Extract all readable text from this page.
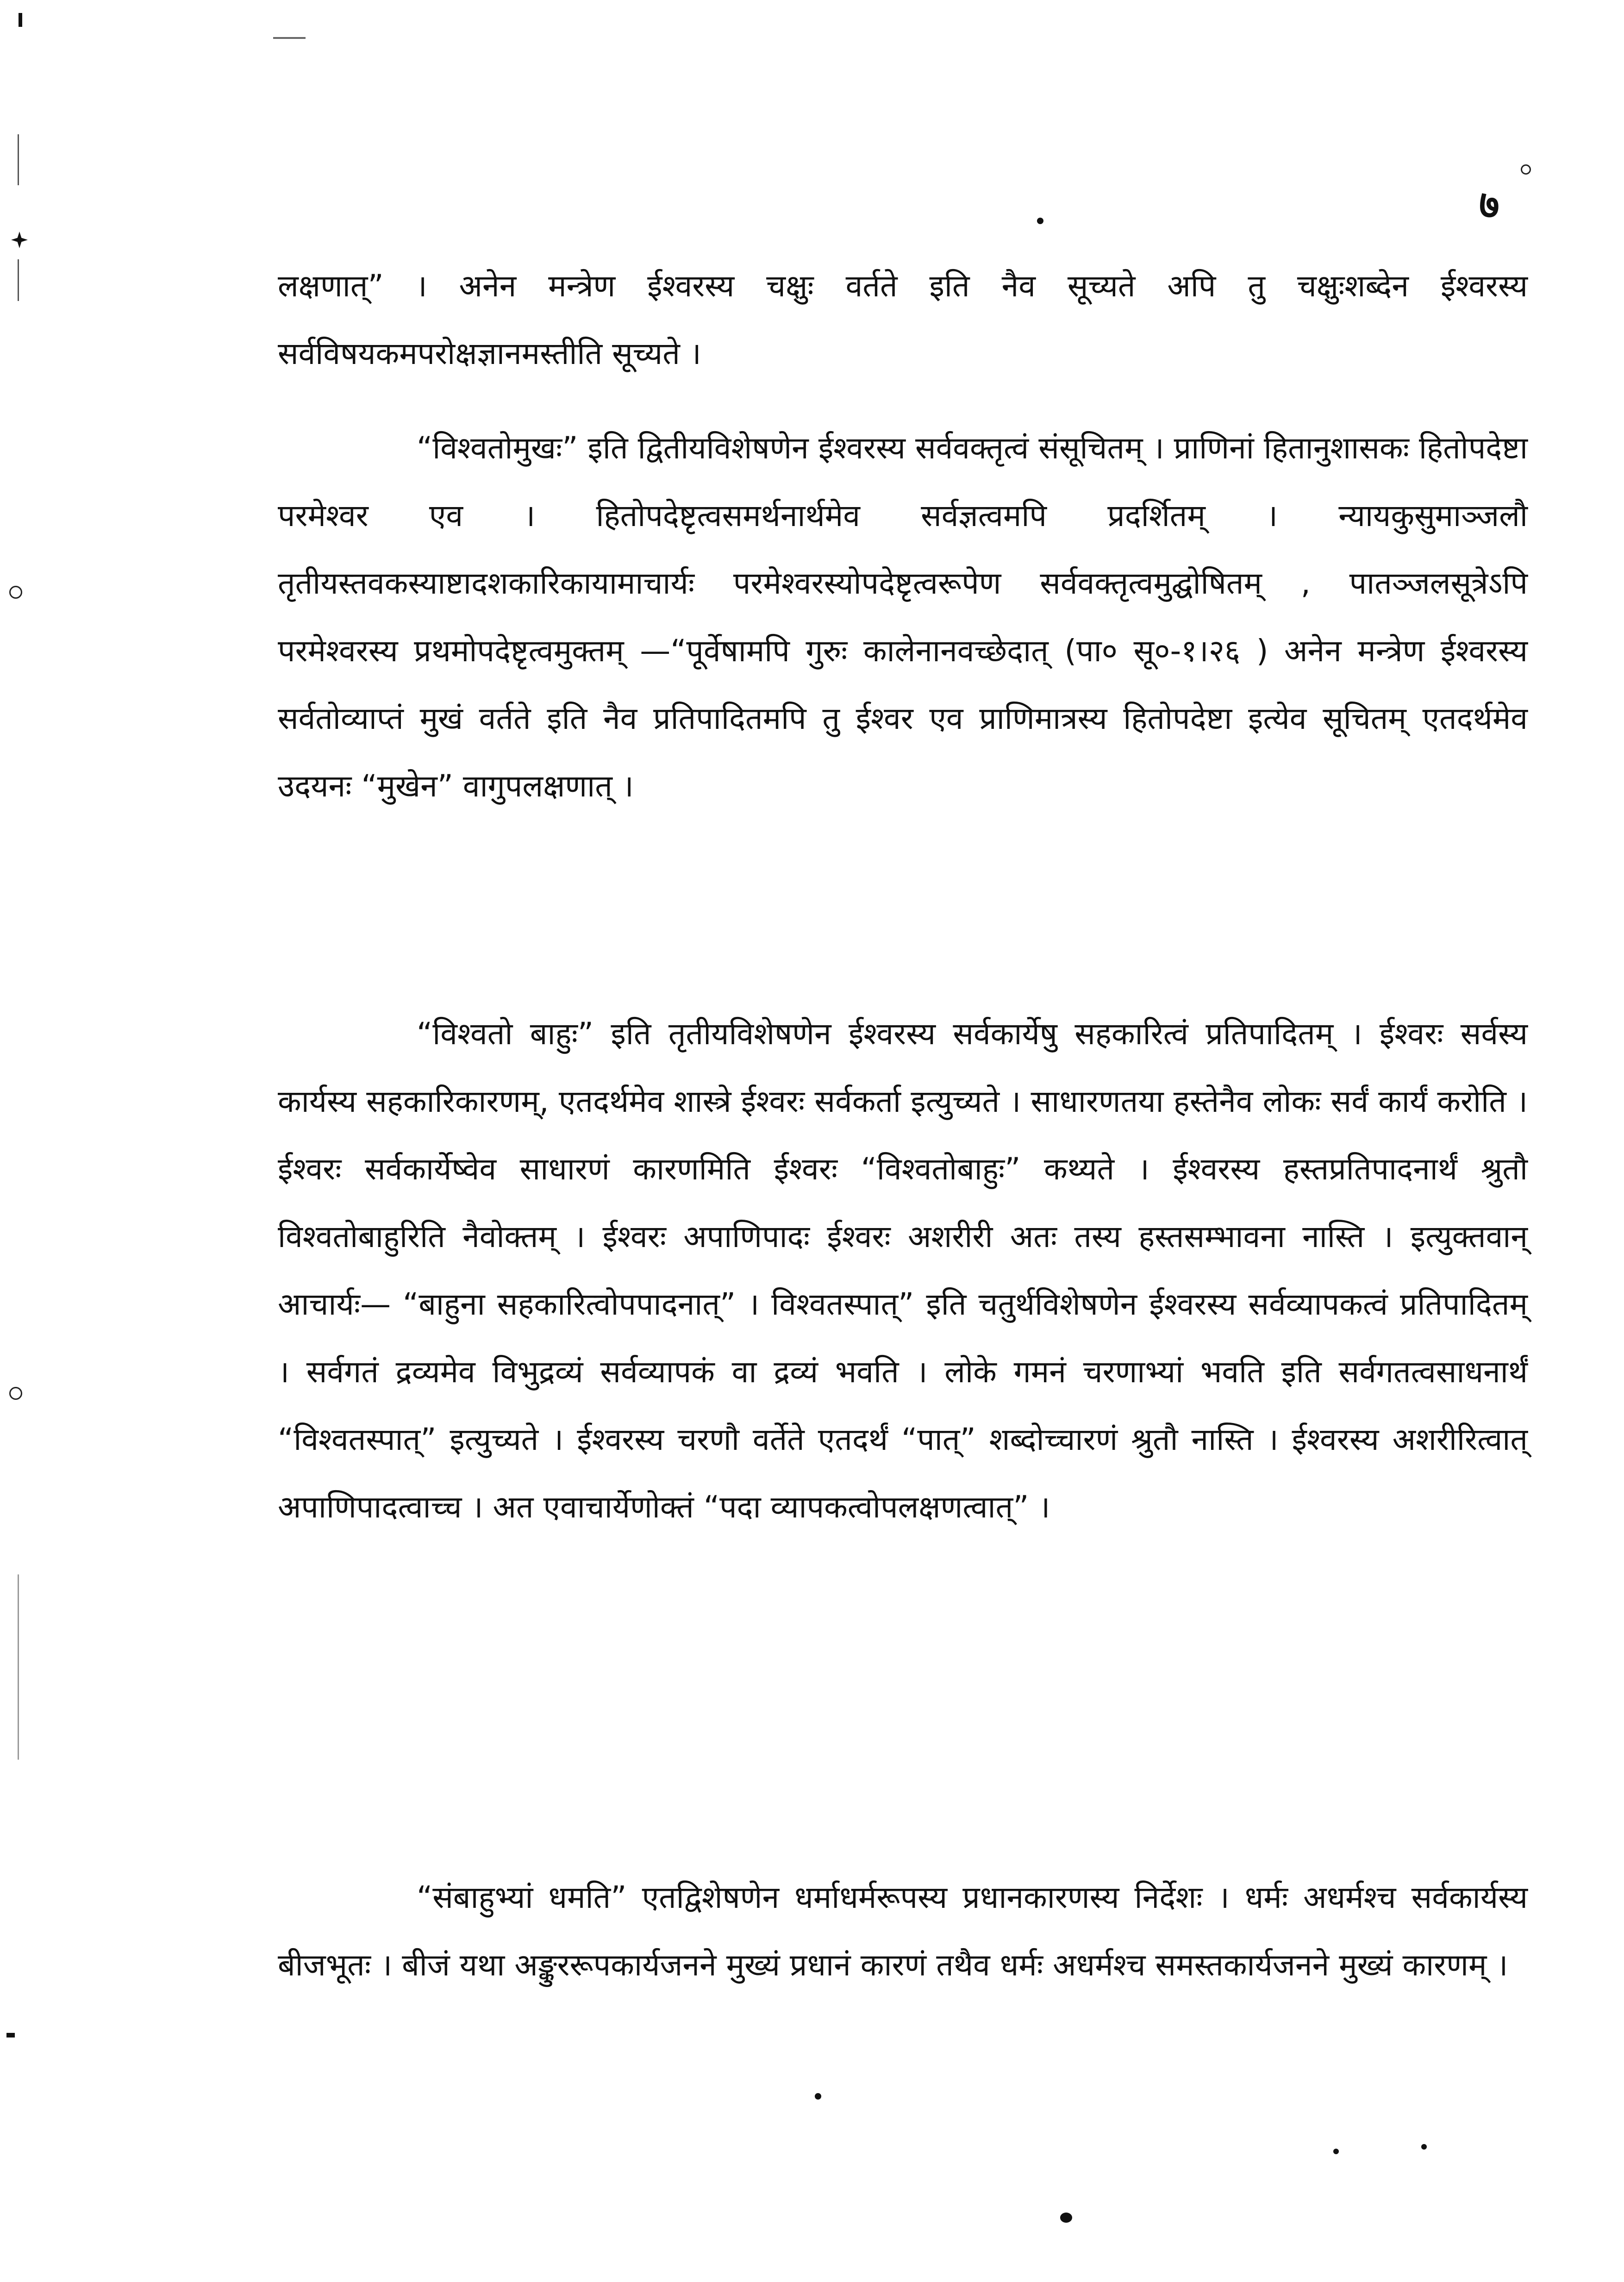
७

लक्षणात्” । अनेन मन्त्रेण ईश्वरस्य चक्षुः वर्तते इति नैव सूच्यते अपि तु चक्षुःशब्देन ईश्वरस्य सर्वविषयकमपरोक्षज्ञानमस्तीति सूच्यते ।

“विश्वतोमुखः” इति द्वितीयविशेषणेन ईश्वरस्य सर्ववक्तृत्वं संसूचितम् । प्राणिनां हितानुशासकः हितोपदेष्टा परमेश्वर एव । हितोपदेष्टृत्वसमर्थनार्थमेव सर्वज्ञत्वमपि प्रदर्शितम् । न्यायकुसुमाञ्जलौ तृतीयस्तवकस्याष्टादशकारिकायामाचार्यः परमेश्वरस्योपदेष्टृत्वरूपेण सर्ववक्तृत्वमुद्घोषितम् , पातञ्जलसूत्रेऽपि परमेश्वरस्य प्रथमोपदेष्टृत्वमुक्तम् —“पूर्वेषामपि गुरुः कालेनानवच्छेदात् (पा० सू०-१।२६ ) अनेन मन्त्रेण ईश्वरस्य सर्वतोव्याप्तं मुखं वर्तते इति नैव प्रतिपादितमपि तु ईश्वर एव प्राणिमात्रस्य हितोपदेष्टा इत्येव सूचितम् एतदर्थमेव उदयनः “मुखेन” वागुपलक्षणात् ।

“विश्वतो बाहुः” इति तृतीयविशेषणेन ईश्वरस्य सर्वकार्येषु सहकारित्वं प्रतिपादितम् । ईश्वरः सर्वस्य कार्यस्य सहकारिकारणम्, एतदर्थमेव शास्त्रे ईश्वरः सर्वकर्ता इत्युच्यते । साधारणतया हस्तेनैव लोकः सर्वं कार्यं करोति । ईश्वरः सर्वकार्येष्वेव साधारणं कारणमिति ईश्वरः “विश्वतोबाहुः” कथ्यते । ईश्वरस्य हस्तप्रतिपादनार्थं श्रुतौ विश्वतोबाहुरिति नैवोक्तम् । ईश्वरः अपाणिपादः ईश्वरः अशरीरी अतः तस्य हस्तसम्भावना नास्ति । इत्युक्तवान् आचार्यः— “बाहुना सहकारित्वोपपादनात्” । विश्वतस्पात्” इति चतुर्थविशेषणेन ईश्वरस्य सर्वव्यापकत्वं प्रतिपादितम् । सर्वगतं द्रव्यमेव विभुद्रव्यं सर्वव्यापकं वा द्रव्यं भवति । लोके गमनं चरणाभ्यां भवति इति सर्वगतत्वसाधनार्थं “विश्वतस्पात्” इत्युच्यते । ईश्वरस्य चरणौ वर्तेते एतदर्थं “पात्” शब्दोच्चारणं श्रुतौ नास्ति । ईश्वरस्य अशरीरित्वात् अपाणिपादत्वाच्च । अत एवाचार्येणोक्तं “पदा व्यापकत्वोपलक्षणत्वात्” ।

“संबाहुभ्यां धमति” एतद्विशेषणेन धर्माधर्मरूपस्य प्रधानकारणस्य निर्देशः । धर्मः अधर्मश्च सर्वकार्यस्य बीजभूतः । बीजं यथा अङ्कुररूपकार्यजनने मुख्यं प्रधानं कारणं तथैव धर्मः अधर्मश्च समस्तकार्यजनने मुख्यं कारणम् ।
